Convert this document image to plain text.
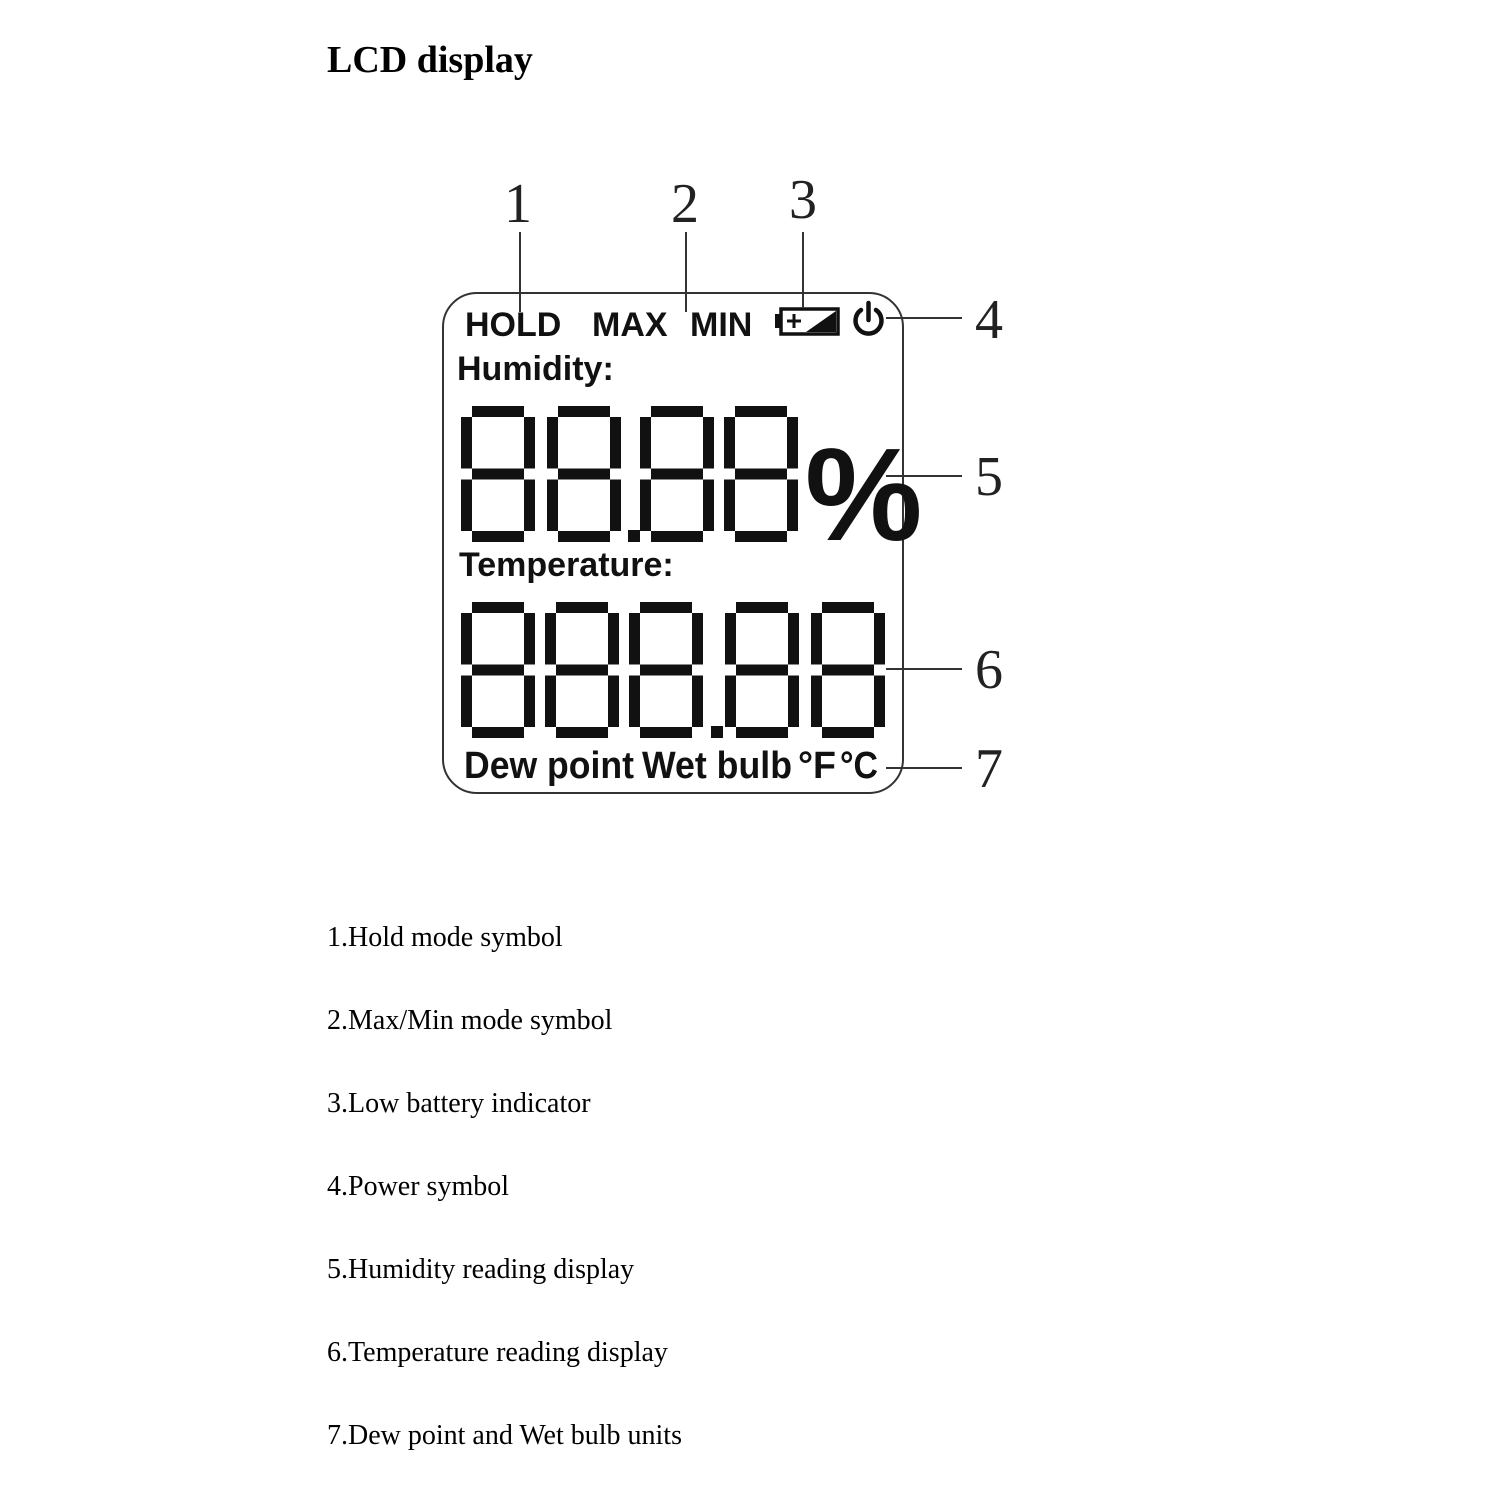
LCD display
HOLD MAX MIN
Humidity:
%
Temperature:
Dew point Wet bulb °F °C
1 2 3
4
5
6
7
1.Hold mode symbol
2.Max/Min mode symbol
3.Low battery indicator
4.Power symbol
5.Humidity reading display
6.Temperature reading display
7.Dew point and Wet bulb units
